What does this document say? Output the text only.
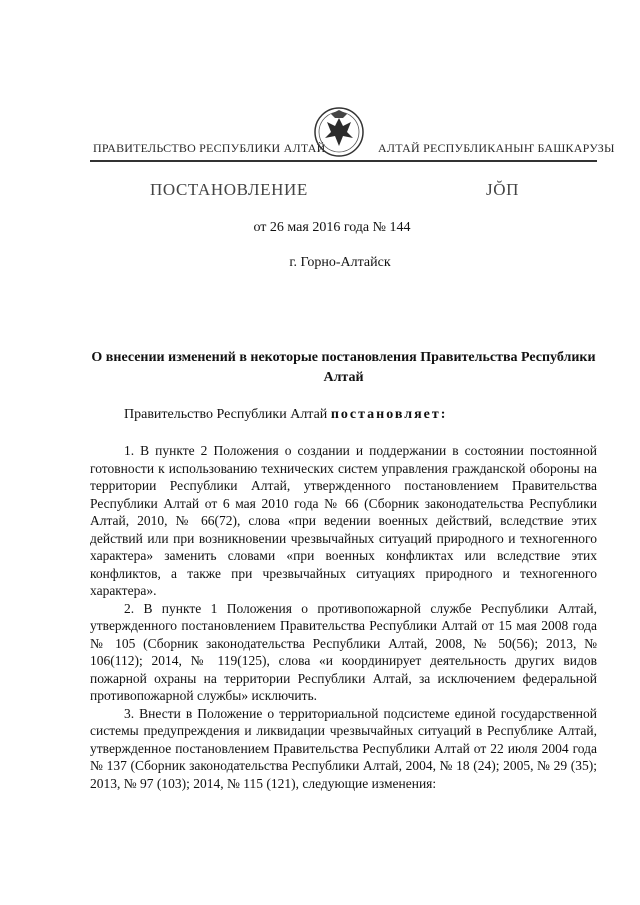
ПРАВИТЕЛЬСТВО РЕСПУБЛИКИ АЛТАЙ	АЛТАЙ РЕСПУБЛИКАНЫҤ БАШКАРУЗЫ
ПОСТАНОВЛЕНИЕ	JŎП
от 26 мая 2016 года № 144
г. Горно-Алтайск
О внесении изменений в некоторые постановления Правительства Республики Алтай
Правительство Республики Алтай постановляет:

1. В пункте 2 Положения о создании и поддержании в состоянии постоянной готовности к использованию технических систем управления гражданской обороны на территории Республики Алтай, утвержденного постановлением Правительства Республики Алтай от 6 мая 2010 года № 66 (Сборник законодательства Республики Алтай, 2010, № 66(72), слова «при ведении военных действий, вследствие этих действий или при возникновении чрезвычайных ситуаций природного и техногенного характера» заменить словами «при военных конфликтах или вследствие этих конфликтов, а также при чрезвычайных ситуациях природного и техногенного характера».

2. В пункте 1 Положения о противопожарной службе Республики Алтай, утвержденного постановлением Правительства Республики Алтай от 15 мая 2008 года № 105 (Сборник законодательства Республики Алтай, 2008, № 50(56); 2013, № 106(112); 2014, № 119(125), слова «и координирует деятельность других видов пожарной охраны на территории Республики Алтай, за исключением федеральной противопожарной службы» исключить.

3. Внести в Положение о территориальной подсистеме единой государственной системы предупреждения и ликвидации чрезвычайных ситуаций в Республике Алтай, утвержденное постановлением Правительства Республики Алтай от 22 июля 2004 года № 137 (Сборник законодательства Республики Алтай, 2004, № 18 (24); 2005, № 29 (35); 2013, № 97 (103); 2014, № 115 (121), следующие изменения:
